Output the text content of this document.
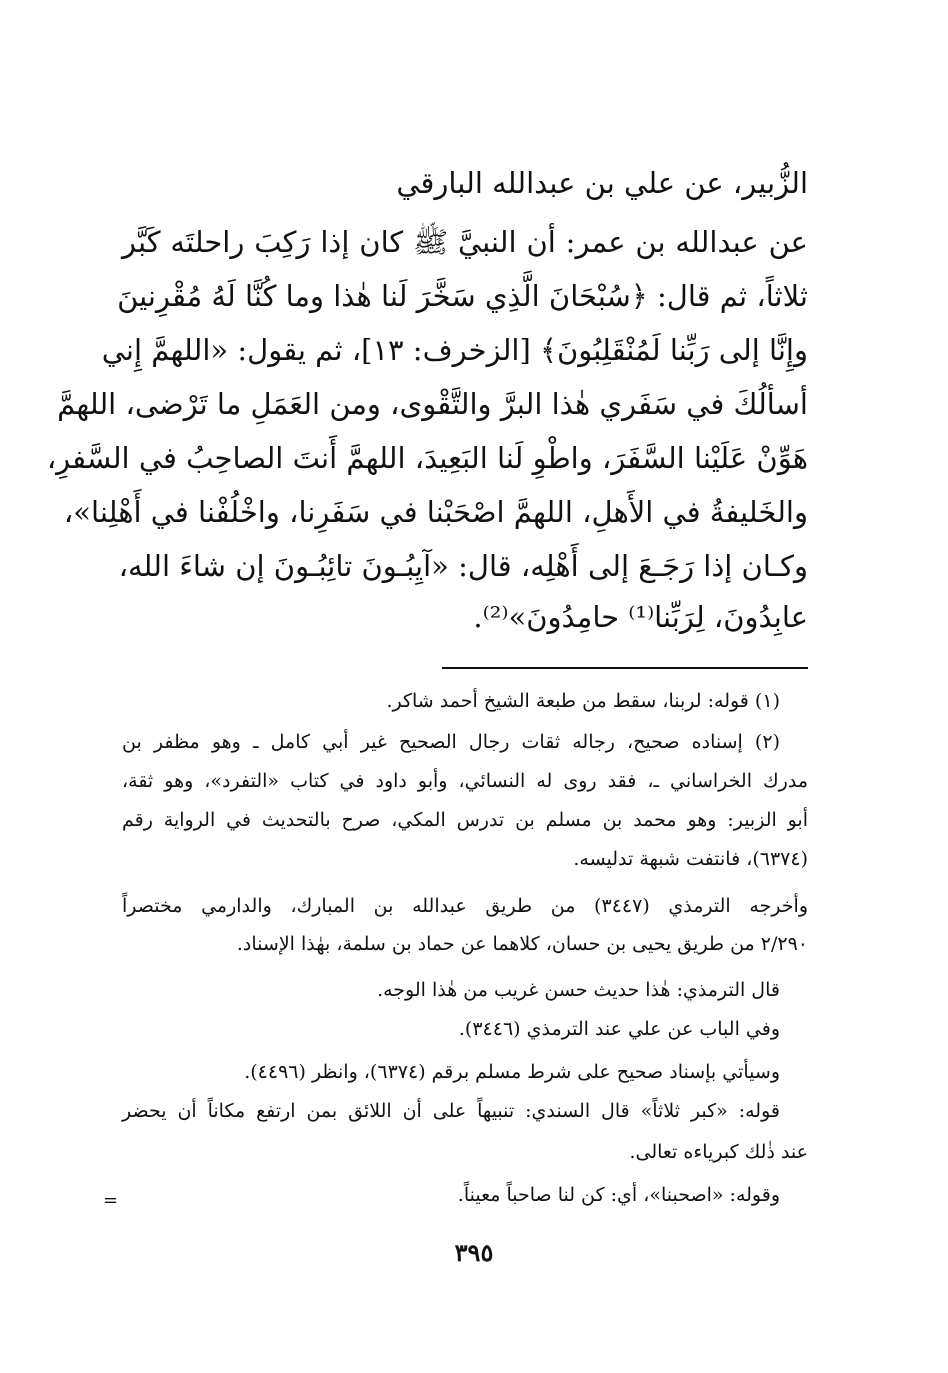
الزُّبير، عن علي بن عبدالله البارقي
عن عبدالله بن عمر: أن النبيَّ ﷺ كان إذا رَكِبَ راحلتَه كَبَّر
ثلاثاً، ثم قال: ﴿سُبْحَانَ الَّذِي سَخَّرَ لَنا هٰذا وما كُنَّا لَهُ مُقْرِنينَ
وإِنَّا إلى رَبِّنا لَمُنْقَلِبُونَ﴾ [الزخرف: ١٣]، ثم يقول: «اللهمَّ إِني
أسألُكَ في سَفَري هٰذا البرَّ والتَّقْوى، ومن العَمَلِ ما تَرْضى، اللهمَّ
هَوِّنْ عَلَيْنا السَّفَرَ، واطْوِ لَنا البَعِيدَ، اللهمَّ أَنتَ الصاحِبُ في السَّفرِ،
والخَليفةُ في الأَهلِ، اللهمَّ اصْحَبْنا في سَفَرِنا، واخْلُفْنا في أَهْلِنا»،
وكـان إذا رَجَـعَ إلى أَهْلِه، قال: «آيِبُـونَ تائِبُـونَ إن شاءَ الله،
عابِدُونَ، لِرَبِّنا⁽¹⁾ حامِدُونَ»⁽²⁾.
(١) قوله: لربنا، سقط من طبعة الشيخ أحمد شاكر.
(٢) إسناده صحيح، رجاله ثقات رجال الصحيح غير أبي كامل ـ وهو مظفر بن
مدرك الخراساني ـ، فقد روى له النسائي، وأبو داود في كتاب «التفرد»، وهو ثقة،
أبو الزبير: وهو محمد بن مسلم بن تدرس المكي، صرح بالتحديث في الرواية رقم
(٦٣٧٤)، فانتفت شبهة تدليسه.
وأخرجه الترمذي (٣٤٤٧) من طريق عبدالله بن المبارك، والدارمي مختصراً
٢/٢٩٠ من طريق يحيى بن حسان، كلاهما عن حماد بن سلمة، بهٰذا الإسناد.
قال الترمذي: هٰذا حديث حسن غريب من هٰذا الوجه.
وفي الباب عن علي عند الترمذي (٣٤٤٦).
وسيأتي بإسناد صحيح على شرط مسلم برقم (٦٣٧٤)، وانظر (٤٤٩٦).
قوله: «كبر ثلاثاً» قال السندي: تنبيهاً على أن اللائق بمن ارتفع مكاناً أن يحضر
عند ذٰلك كبرياءه تعالى.
وقوله: «اصحبنا»، أي: كن لنا صاحباً معيناً.
=
٣٩٥
